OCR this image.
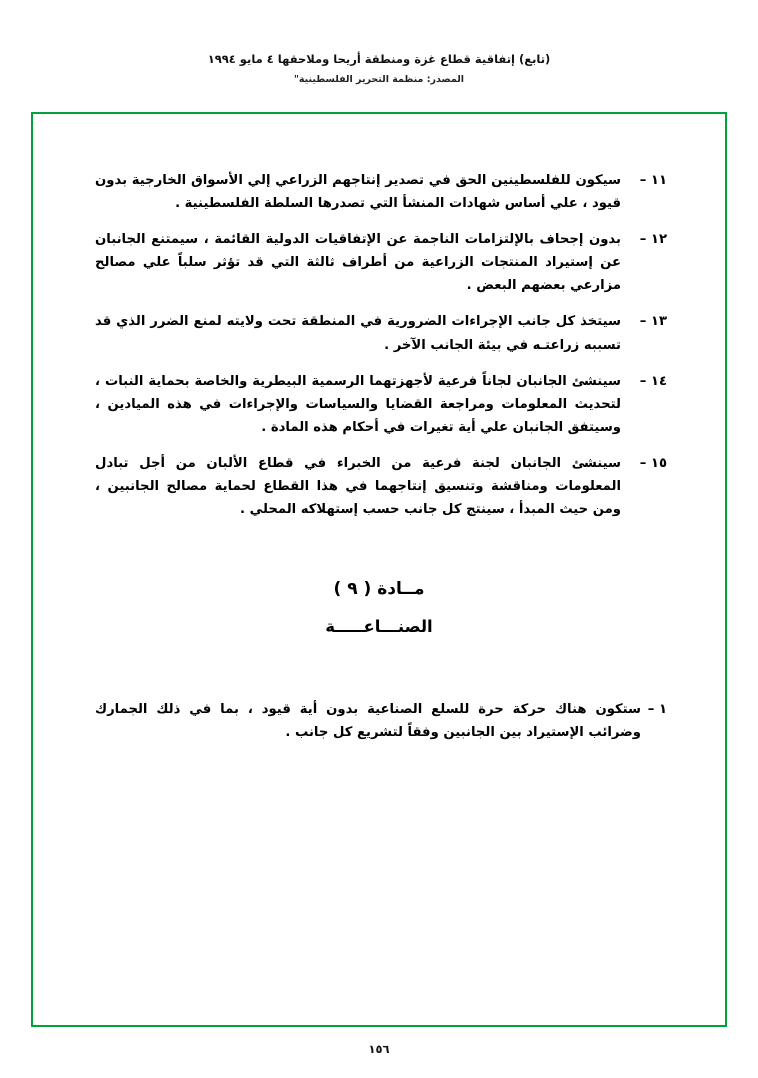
(تابع) إتفاقية قطاع غزة ومنطقة أريحا وملاحقها ٤ مايو ١٩٩٤
المصدر: منظمة التحرير الفلسطينية"
١١ –
سيكون للفلسطينين الحق في تصدير إنتاجهم الزراعي إلي الأسواق الخارجية بدون قيود ، علي أساس شهادات المنشأ التي تصدرها السلطة الفلسطينية .
١٢ –
بدون إجحاف بالإلتزامات الناجمة عن الإتفاقيات الدولية القائمة ، سيمتنع الجانبان عن إستيراد المنتجات الزراعية من أطراف ثالثة التي قد تؤثر سلباً علي مصالح مزارعي بعضهم البعض .
١٣ –
سيتخذ كل جانب الإجراءات الضرورية في المنطقة تحت ولايته لمنع الضرر الذي قد تسببه زراعتـه في بيئة الجانب الآخر .
١٤ –
سينشئ الجانبان لجاناً فرعية لأجهزتهما الرسمية البيطرية والخاصة بحماية النبات ، لتحديث المعلومات ومراجعة القضايا والسياسات والإجراءات في هذه الميادين ، وسيتفق الجانبان علي أية تغيرات في أحكام هذه المادة .
١٥ –
سينشئ الجانبان لجنة فرعية من الخبراء في قطاع الألبان من أجل تبادل المعلومات ومناقشة وتنسيق إنتاجهما في هذا القطاع لحماية مصالح الجانبين ، ومن حيث المبدأ ، سينتج كل جانب حسب إستهلاكه المحلي .
مــادة ( ٩ )
الصنـــاعـــــة
١ –
ستكون هناك حركة حرة للسلع الصناعية بدون أية قيود ، بما في ذلك الجمارك وضرائب الإستيراد بين الجانبين وفقاً لتشريع كل جانب .
١٥٦
